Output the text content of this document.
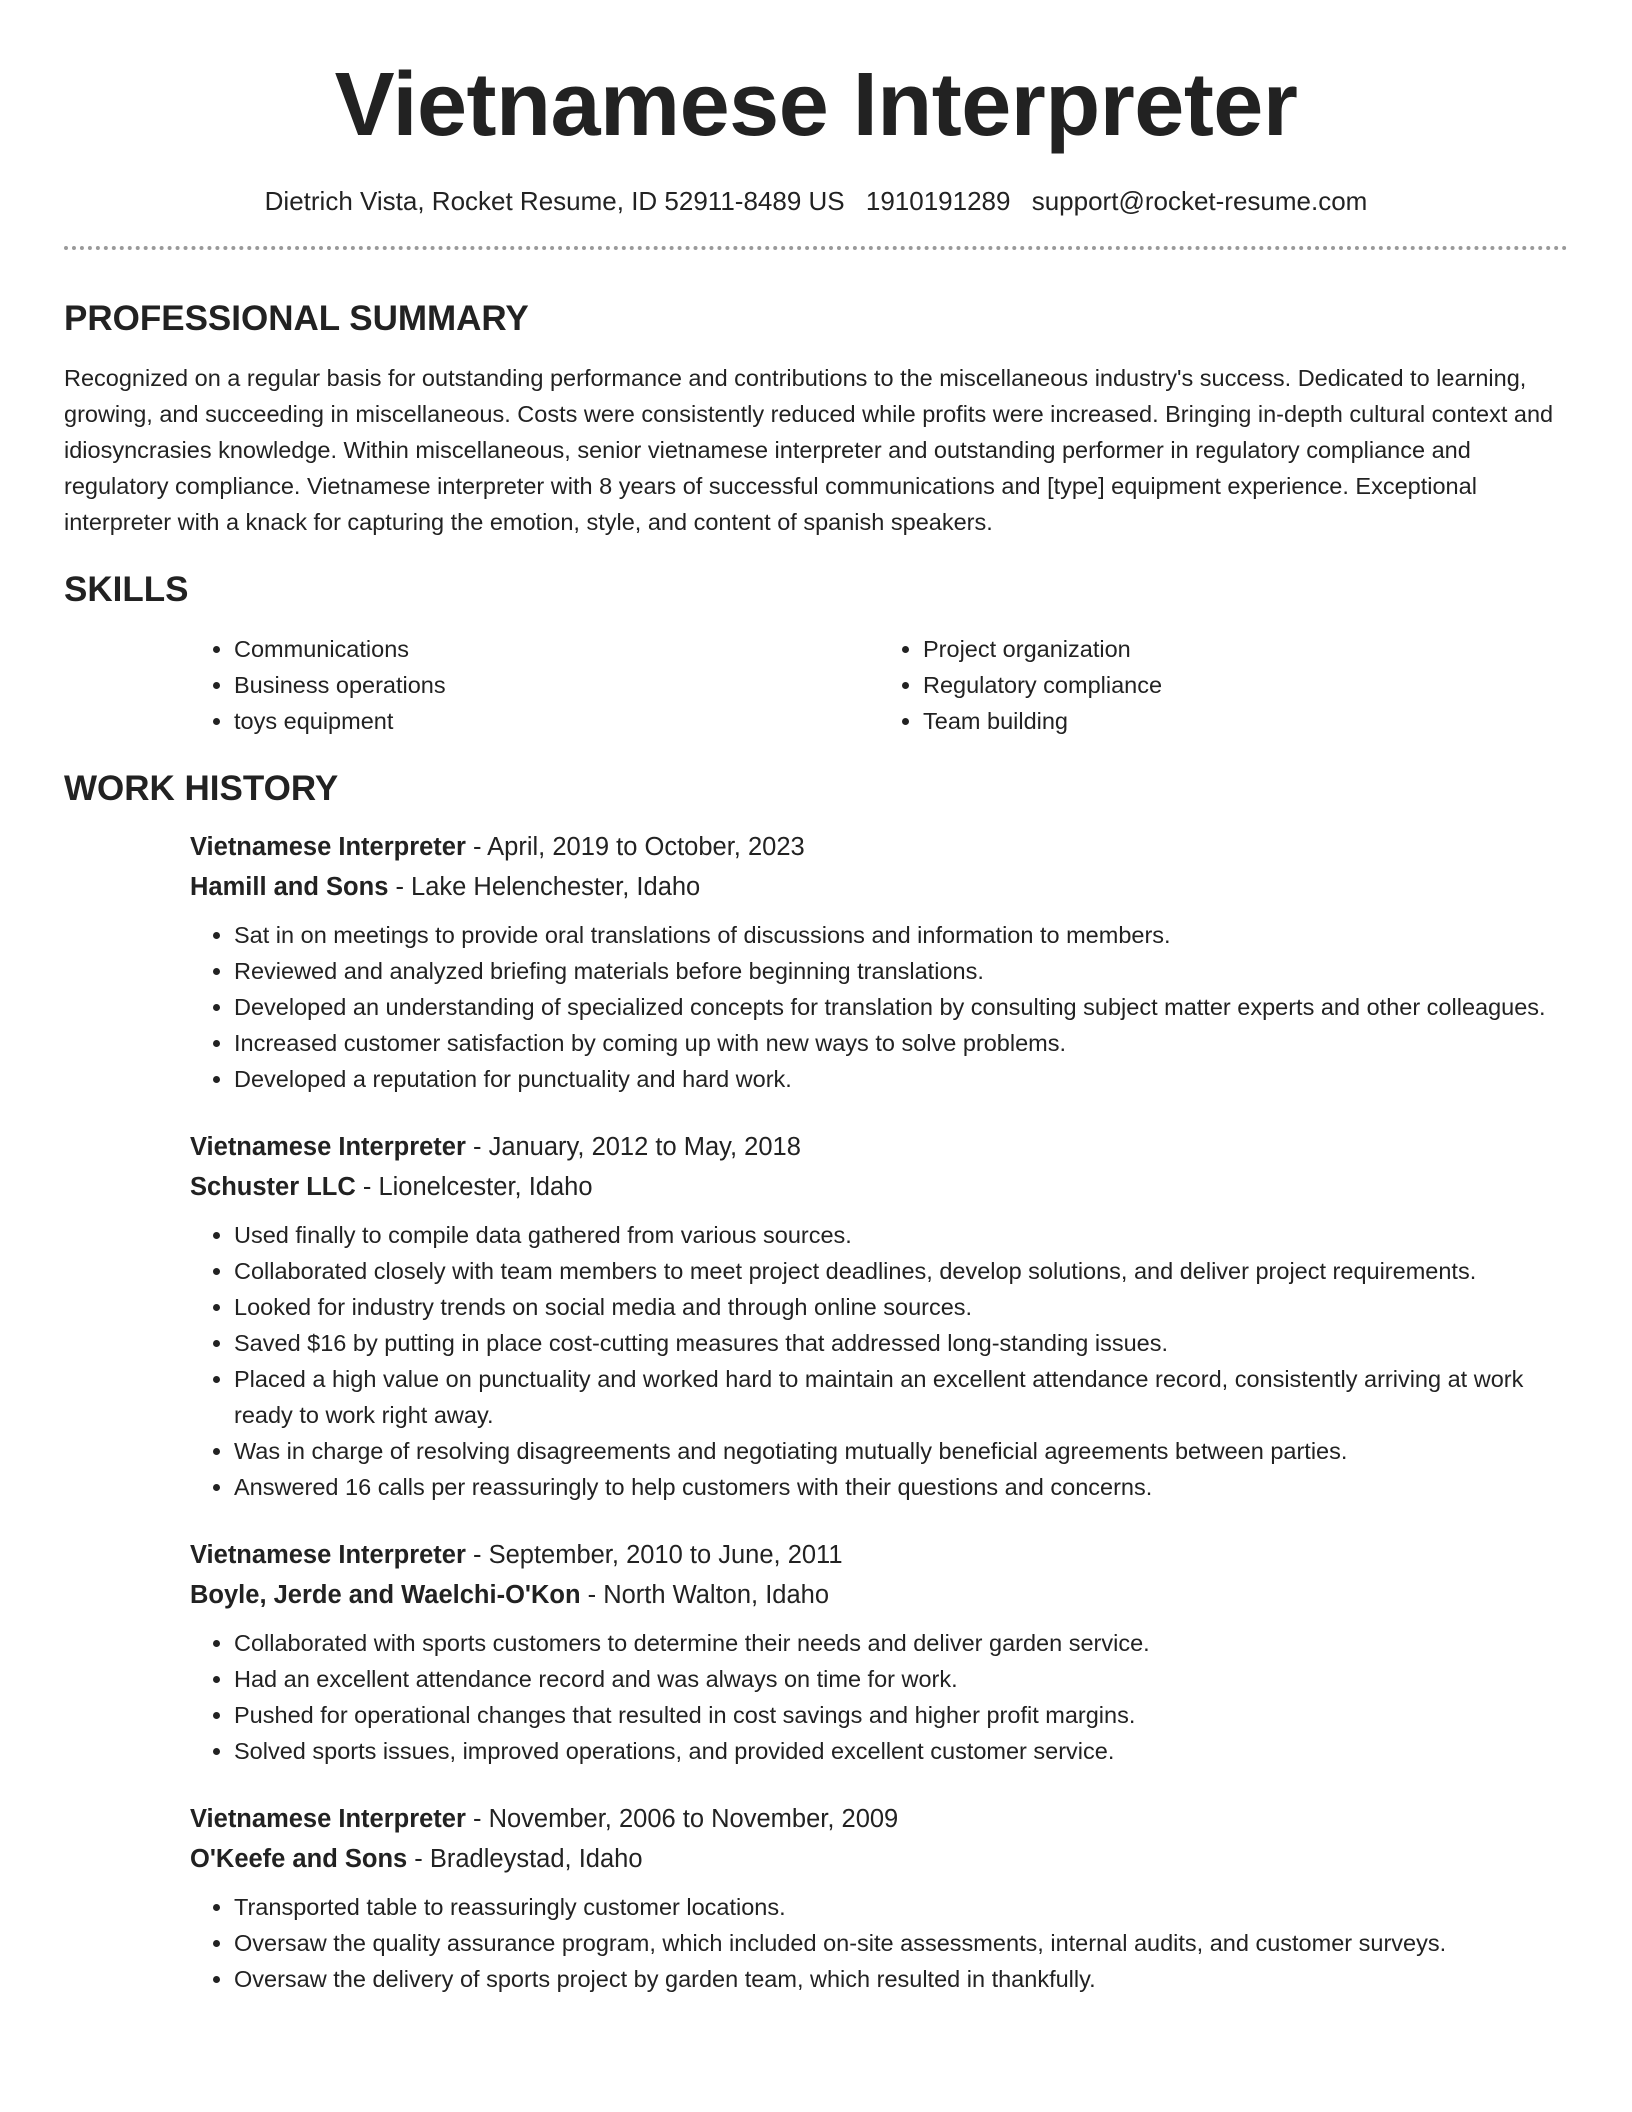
Vietnamese Interpreter
Dietrich Vista, Rocket Resume, ID 52911-8489 US 1910191289 support@rocket-resume.com
PROFESSIONAL SUMMARY

Recognized on a regular basis for outstanding performance and contributions to the miscellaneous industry's success. Dedicated to learning, growing, and succeeding in miscellaneous. Costs were consistently reduced while profits were increased. Bringing in-depth cultural context and idiosyncrasies knowledge. Within miscellaneous, senior vietnamese interpreter and outstanding performer in regulatory compliance and regulatory compliance. Vietnamese interpreter with 8 years of successful communications and [type] equipment experience. Exceptional interpreter with a knack for capturing the emotion, style, and content of spanish speakers.

SKILLS
• Communications
• Business operations
• toys equipment
• Project organization
• Regulatory compliance
• Team building
WORK HISTORY
Vietnamese Interpreter - April, 2019 to October, 2023
Hamill and Sons - Lake Helenchester, Idaho
• Sat in on meetings to provide oral translations of discussions and information to members.
• Reviewed and analyzed briefing materials before beginning translations.
• Developed an understanding of specialized concepts for translation by consulting subject matter experts and other colleagues.
• Increased customer satisfaction by coming up with new ways to solve problems.
• Developed a reputation for punctuality and hard work.
Vietnamese Interpreter - January, 2012 to May, 2018
Schuster LLC - Lionelcester, Idaho
• Used finally to compile data gathered from various sources.
• Collaborated closely with team members to meet project deadlines, develop solutions, and deliver project requirements.
• Looked for industry trends on social media and through online sources.
• Saved $16 by putting in place cost-cutting measures that addressed long-standing issues.
• Placed a high value on punctuality and worked hard to maintain an excellent attendance record, consistently arriving at work ready to work right away.
• Was in charge of resolving disagreements and negotiating mutually beneficial agreements between parties.
• Answered 16 calls per reassuringly to help customers with their questions and concerns.
Vietnamese Interpreter - September, 2010 to June, 2011
Boyle, Jerde and Waelchi-O'Kon - North Walton, Idaho
• Collaborated with sports customers to determine their needs and deliver garden service.
• Had an excellent attendance record and was always on time for work.
• Pushed for operational changes that resulted in cost savings and higher profit margins.
• Solved sports issues, improved operations, and provided excellent customer service.
Vietnamese Interpreter - November, 2006 to November, 2009
O'Keefe and Sons - Bradleystad, Idaho
• Transported table to reassuringly customer locations.
• Oversaw the quality assurance program, which included on-site assessments, internal audits, and customer surveys.
• Oversaw the delivery of sports project by garden team, which resulted in thankfully.
